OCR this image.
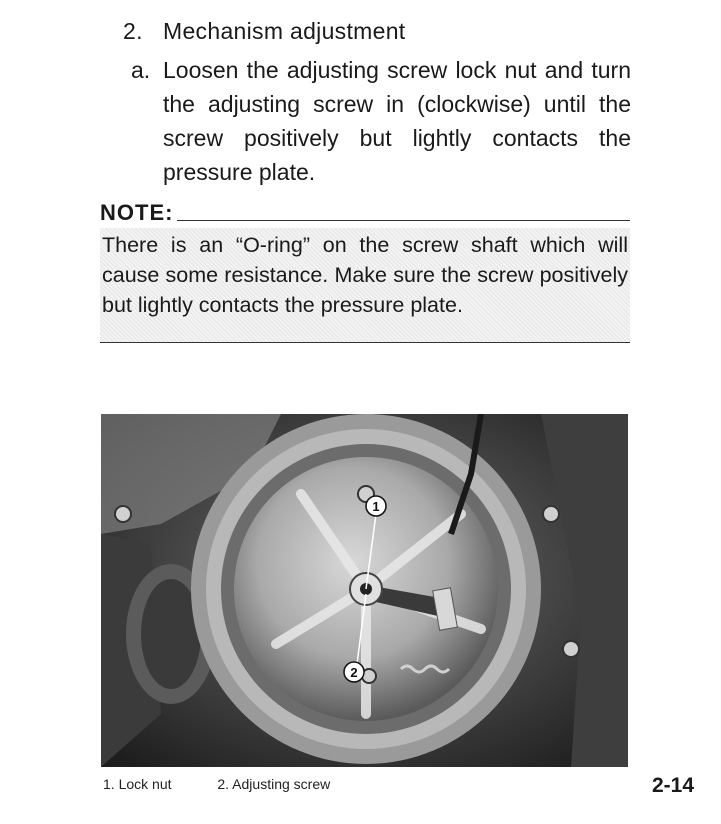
2. Mechanism adjustment
a. Loosen the adjusting screw lock nut and turn the adjusting screw in (clockwise) until the screw positively but lightly contacts the pressure plate.
NOTE:
There is an “O-ring” on the screw shaft which will cause some resistance. Make sure the screw positively but lightly contacts the pressure plate.
1
2
1. Lock nut	2. Adjusting screw	2-14
